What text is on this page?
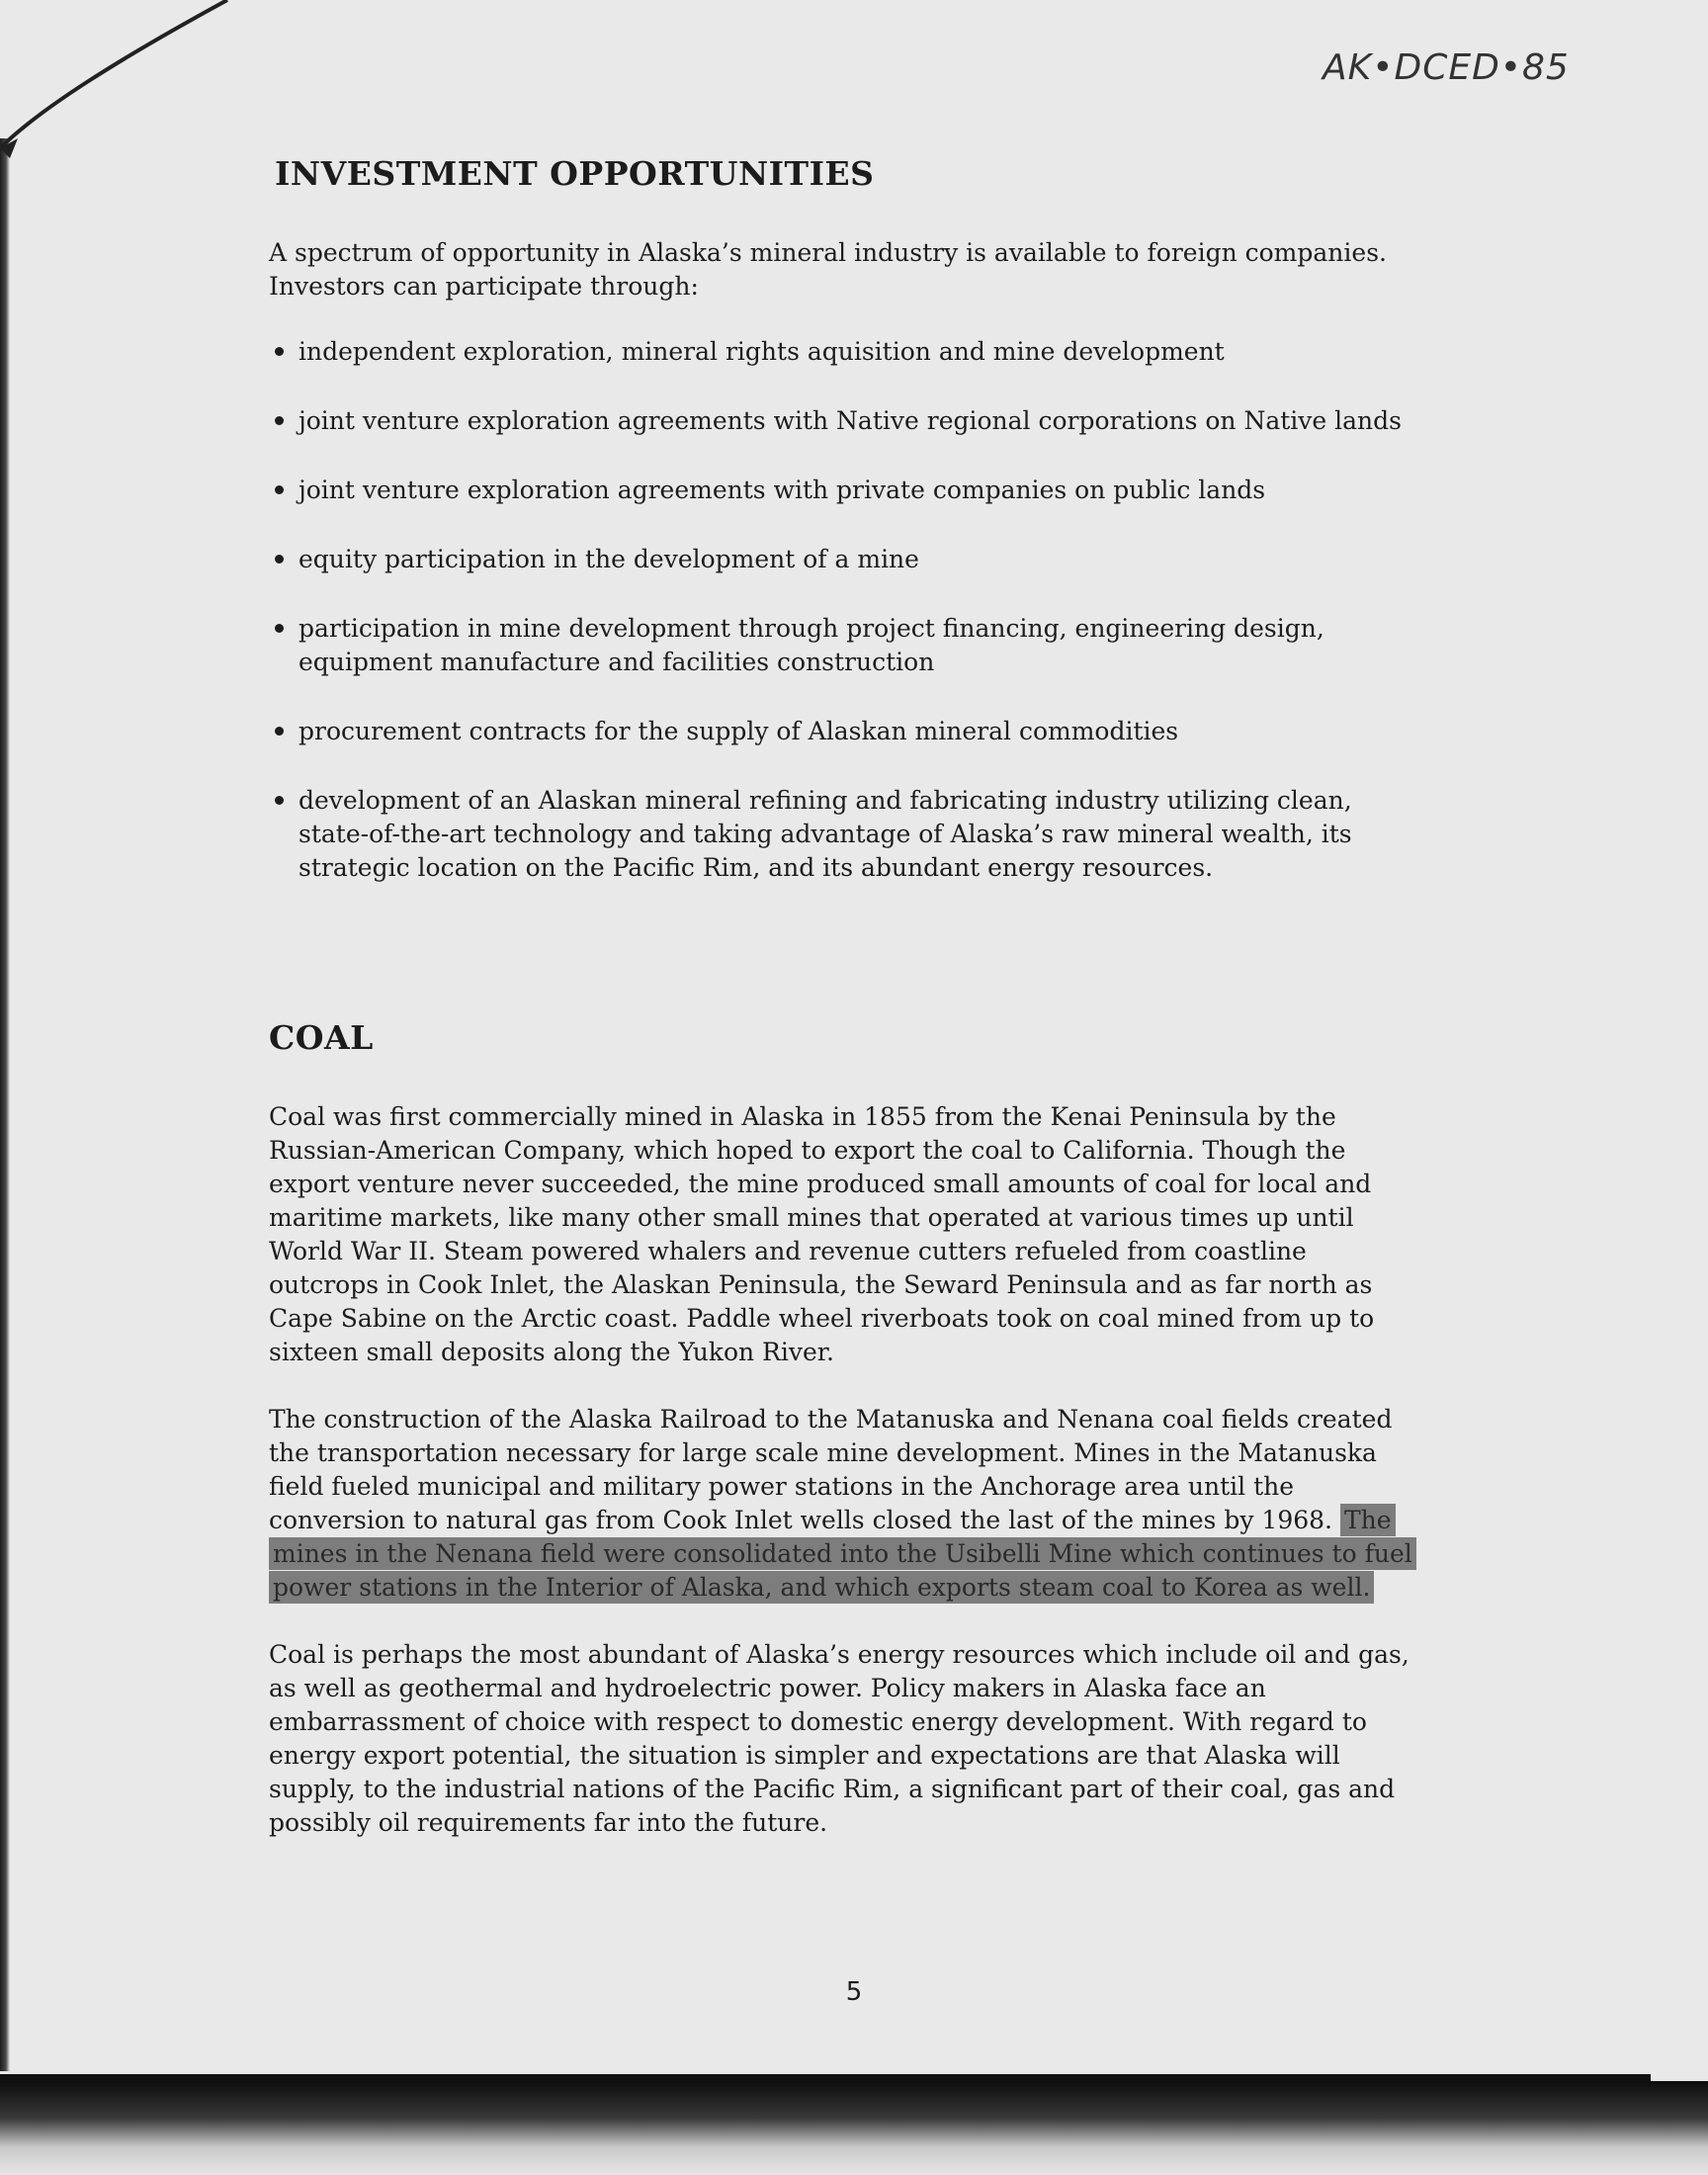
AK•DCED•85
INVESTMENT OPPORTUNITIES

A spectrum of opportunity in Alaska’s mineral industry is available to foreign companies. Investors can participate through:

independent exploration, mineral rights aquisition and mine development
joint venture exploration agreements with Native regional corporations on Native lands
joint venture exploration agreements with private companies on public lands
equity participation in the development of a mine
participation in mine development through project financing, engineering design, equipment manufacture and facilities construction
procurement contracts for the supply of Alaskan mineral commodities
development of an Alaskan mineral refining and fabricating industry utilizing clean, state-of-the-art technology and taking advantage of Alaska’s raw mineral wealth, its strategic location on the Pacific Rim, and its abundant energy resources.
COAL

Coal was first commercially mined in Alaska in 1855 from the Kenai Peninsula by the Russian-American Company, which hoped to export the coal to California. Though the export venture never succeeded, the mine produced small amounts of coal for local and maritime markets, like many other small mines that operated at various times up until World War II. Steam powered whalers and revenue cutters refueled from coastline outcrops in Cook Inlet, the Alaskan Peninsula, the Seward Peninsula and as far north as Cape Sabine on the Arctic coast. Paddle wheel riverboats took on coal mined from up to sixteen small deposits along the Yukon River.

The construction of the Alaska Railroad to the Matanuska and Nenana coal fields created the transportation necessary for large scale mine development. Mines in the Matanuska field fueled municipal and military power stations in the Anchorage area until the conversion to natural gas from Cook Inlet wells closed the last of the mines by 1968. The mines in the Nenana field were consolidated into the Usibelli Mine which continues to fuel power stations in the Interior of Alaska, and which exports steam coal to Korea as well.

Coal is perhaps the most abundant of Alaska’s energy resources which include oil and gas, as well as geothermal and hydroelectric power. Policy makers in Alaska face an embarrassment of choice with respect to domestic energy development. With regard to energy export potential, the situation is simpler and expectations are that Alaska will supply, to the industrial nations of the Pacific Rim, a significant part of their coal, gas and possibly oil requirements far into the future.

5
